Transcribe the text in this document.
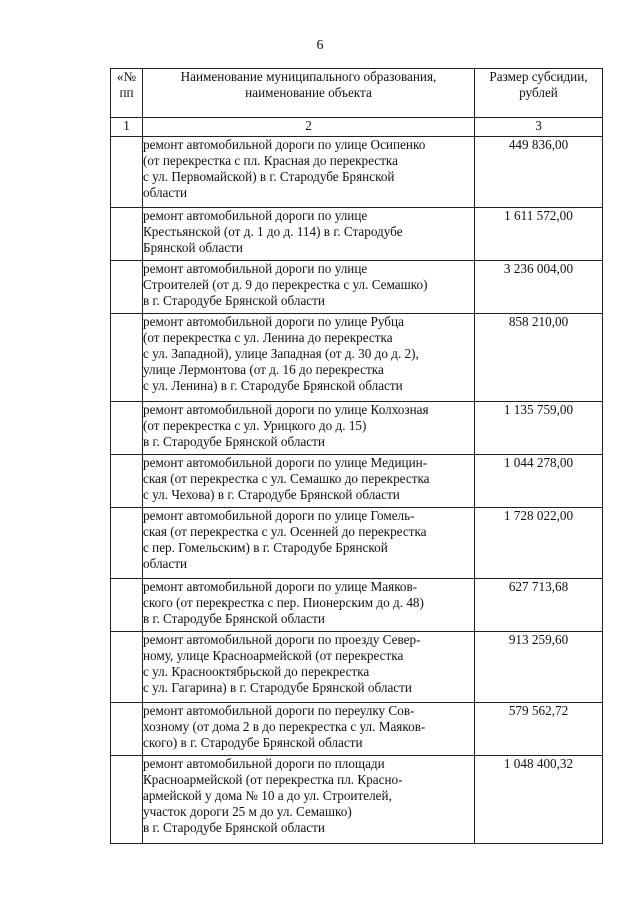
6
«№ пп	Наименование муниципального образования, наименование объекта	Размер субсидии, рублей
1	2	3

	ремонт автомобильной дороги по улице Осипенко
(от перекрестка с пл. Красная до перекрестка
с ул. Первомайской) в г. Стародубе Брянской
области	449 836,00

	ремонт автомобильной дороги по улице
Крестьянской (от д. 1 до д. 114) в г. Стародубе
Брянской области	1 611 572,00

	ремонт автомобильной дороги по улице
Строителей (от д. 9 до перекрестка с ул. Семашко)
в г. Стародубе Брянской области	3 236 004,00

	ремонт автомобильной дороги по улице Рубца
(от перекрестка с ул. Ленина до перекрестка
с ул. Западной), улице Западная (от д. 30 до д. 2),
улице Лермонтова (от д. 16 до перекрестка
с ул. Ленина) в г. Стародубе Брянской области	858 210,00

	ремонт автомобильной дороги по улице Колхозная
(от перекрестка с ул. Урицкого до д. 15)
в г. Стародубе Брянской области	1 135 759,00

	ремонт автомобильной дороги по улице Медицин-
ская (от перекрестка с ул. Семашко до перекрестка
с ул. Чехова) в г. Стародубе Брянской области	1 044 278,00

	ремонт автомобильной дороги по улице Гомель-
ская (от перекрестка с ул. Осенней до перекрестка
с пер. Гомельским) в г. Стародубе Брянской
области	1 728 022,00

	ремонт автомобильной дороги по улице Маяков-
ского (от перекрестка с пер. Пионерским до д. 48)
в г. Стародубе Брянской области	627 713,68

	ремонт автомобильной дороги по проезду Север-
ному, улице Красноармейской (от перекрестка
с ул. Краснооктябрьской до перекрестка
с ул. Гагарина) в г. Стародубе Брянской области	913 259,60

	ремонт автомобильной дороги по переулку Сов-
хозному (от дома 2 в до перекрестка с ул. Маяков-
ского) в г. Стародубе Брянской области	579 562,72

	ремонт автомобильной дороги по площади
Красноармейской (от перекрестка пл. Красно-
армейской у дома № 10 а до ул. Строителей,
участок дороги 25 м до ул. Семашко)
в г. Стародубе Брянской области	1 048 400,32
